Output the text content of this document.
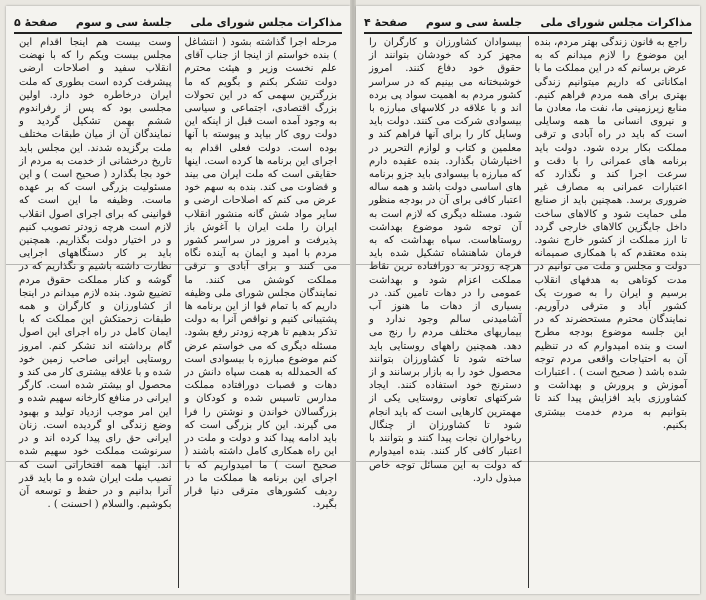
مذاکرات مجلس شورای ملی
جلسهٔ سی و سوم
صفحهٔ ۵

مرحله اجرا گذاشته بشود ( انتشاغل ) بنده خواستم از اینجا از جناب آقای علم نخست وزیر و هیئت محترم دولت تشکر بکنم و بگویم که ما بزرگترین سهمی که در این تحولات بزرگ اقتصادی، اجتماعی و سیاسی به وجود آمده است قبل از اینکه این دولت روی کار بیاید و پیوسته با آنها بوده است. دولت فعلی اقدام به اجرای این برنامه ها کرده است. اینها حقایقی است که ملت ایران می بیند و قضاوت می کند. بنده به سهم خود عرض می کنم که اصلاحات ارضی و سایر مواد شش گانه منشور انقلاب ایران را ملت ایران با آغوش باز پذیرفت و امروز در سراسر کشور مردم با امید و ایمان به آینده نگاه می کنند و برای آبادی و ترقی مملکت کوشش می کنند. ما نمایندگان مجلس شورای ملی وظیفه داریم که با تمام قوا از این برنامه ها پشتیبانی کنیم و نواقص آنرا به دولت تذکر بدهیم تا هرچه زودتر رفع بشود. مسئله دیگری که می خواستم عرض کنم موضوع مبارزه با بیسوادی است که الحمدلله به همت سپاه دانش در دهات و قصبات دورافتاده مملکت مدارس تاسیس شده و کودکان و بزرگسالان خواندن و نوشتن را فرا می گیرند. این کار بزرگی است که باید ادامه پیدا کند و دولت و ملت در این راه همکاری کامل داشته باشند ( صحیح است ) ما امیدواریم که با اجرای این برنامه ها مملکت ما در ردیف کشورهای مترقی دنیا قرار بگیرد.

وست بیست هم اینجا اقدام این مجلس بیست ویکم را که با نهضت انقلاب سفید و اصلاحات ارضی پیشرفت کرده است بطوری که ملت ایران درخاطره خود دارد. اولین مجلسی بود که پس از رفراندوم ششم بهمن تشکیل گردید و نمایندگان آن از میان طبقات مختلف ملت برگزیده شدند. این مجلس باید تاریخ درخشانی از خدمت به مردم از خود بجا بگذارد ( صحیح است ) و این مسئولیت بزرگی است که بر عهده ماست. وظیفه ما این است که قوانینی که برای اجرای اصول انقلاب لازم است هرچه زودتر تصویب کنیم و در اختیار دولت بگذاریم. همچنین باید بر کار دستگاههای اجرایی نظارت داشته باشیم و نگذاریم که در گوشه و کنار مملکت حقوق مردم تضییع شود. بنده لازم میدانم در اینجا از کشاورزان و کارگران و همه طبقات زحمتکش این مملکت که با ایمان کامل در راه اجرای این اصول گام برداشته اند تشکر کنم. امروز روستایی ایرانی صاحب زمین خود شده و با علاقه بیشتری کار می کند و محصول او بیشتر شده است. کارگر ایرانی در منافع کارخانه سهیم شده و این امر موجب ازدیاد تولید و بهبود وضع زندگی او گردیده است. زنان ایرانی حق رای پیدا کرده اند و در سرنوشت مملکت خود سهیم شده اند. اینها همه افتخاراتی است که نصیب ملت ایران شده و ما باید قدر آنرا بدانیم و در حفظ و توسعه آن بکوشیم. والسلام ( احسنت ) .

مذاکرات مجلس شورای ملی
جلسهٔ سی و سوم
صفحهٔ ۴

راجع به قانون زندگی بهتر مردم، بنده این موضوع را لازم میدانم که به عرض برسانم که در این مملکت ما با امکاناتی که داریم میتوانیم زندگی بهتری برای همه مردم فراهم کنیم. منابع زیرزمینی ما، نفت ما، معادن ما و نیروی انسانی ما همه وسایلی است که باید در راه آبادی و ترقی مملکت بکار برده شود. دولت باید برنامه های عمرانی را با دقت و سرعت اجرا کند و نگذارد که اعتبارات عمرانی به مصارف غیر ضروری برسد. همچنین باید از صنایع ملی حمایت شود و کالاهای ساخت داخل جایگزین کالاهای خارجی گردد تا ارز مملکت از کشور خارج نشود. بنده معتقدم که با همکاری صمیمانه دولت و مجلس و ملت می توانیم در مدت کوتاهی به هدفهای انقلاب برسیم و ایران را به صورت یک کشور آباد و مترقی درآوریم. نمایندگان محترم مستحضرند که در این جلسه موضوع بودجه مطرح است و بنده امیدوارم که در تنظیم آن به احتیاجات واقعی مردم توجه شده باشد ( صحیح است ) . اعتبارات آموزش و پرورش و بهداشت و کشاورزی باید افزایش پیدا کند تا بتوانیم به مردم خدمت بیشتری بکنیم.

بیسوادان کشاورزان و کارگران را مجهز کرد که خودشان بتوانند از حقوق خود دفاع کنند. امروز خوشبختانه می بینیم که در سراسر کشور مردم به اهمیت سواد پی برده اند و با علاقه در کلاسهای مبارزه با بیسوادی شرکت می کنند. دولت باید وسایل کار را برای آنها فراهم کند و معلمین و کتاب و لوازم التحریر در اختیارشان بگذارد. بنده عقیده دارم که مبارزه با بیسوادی باید جزو برنامه های اساسی دولت باشد و همه ساله اعتبار کافی برای آن در بودجه منظور شود. مسئله دیگری که لازم است به آن توجه شود موضوع بهداشت روستاهاست. سپاه بهداشت که به فرمان شاهنشاه تشکیل شده باید هرچه زودتر به دورافتاده ترین نقاط مملکت اعزام شود و بهداشت عمومی را در دهات تامین کند. در بسیاری از دهات ما هنوز آب آشامیدنی سالم وجود ندارد و بیماریهای مختلف مردم را رنج می دهد. همچنین راههای روستایی باید ساخته شود تا کشاورزان بتوانند محصول خود را به بازار برسانند و از دسترنج خود استفاده کنند. ایجاد شرکتهای تعاونی روستایی یکی از مهمترین کارهایی است که باید انجام شود تا کشاورزان از چنگال رباخواران نجات پیدا کنند و بتوانند با اعتبار کافی کار کنند. بنده امیدوارم که دولت به این مسائل توجه خاص مبذول دارد.
